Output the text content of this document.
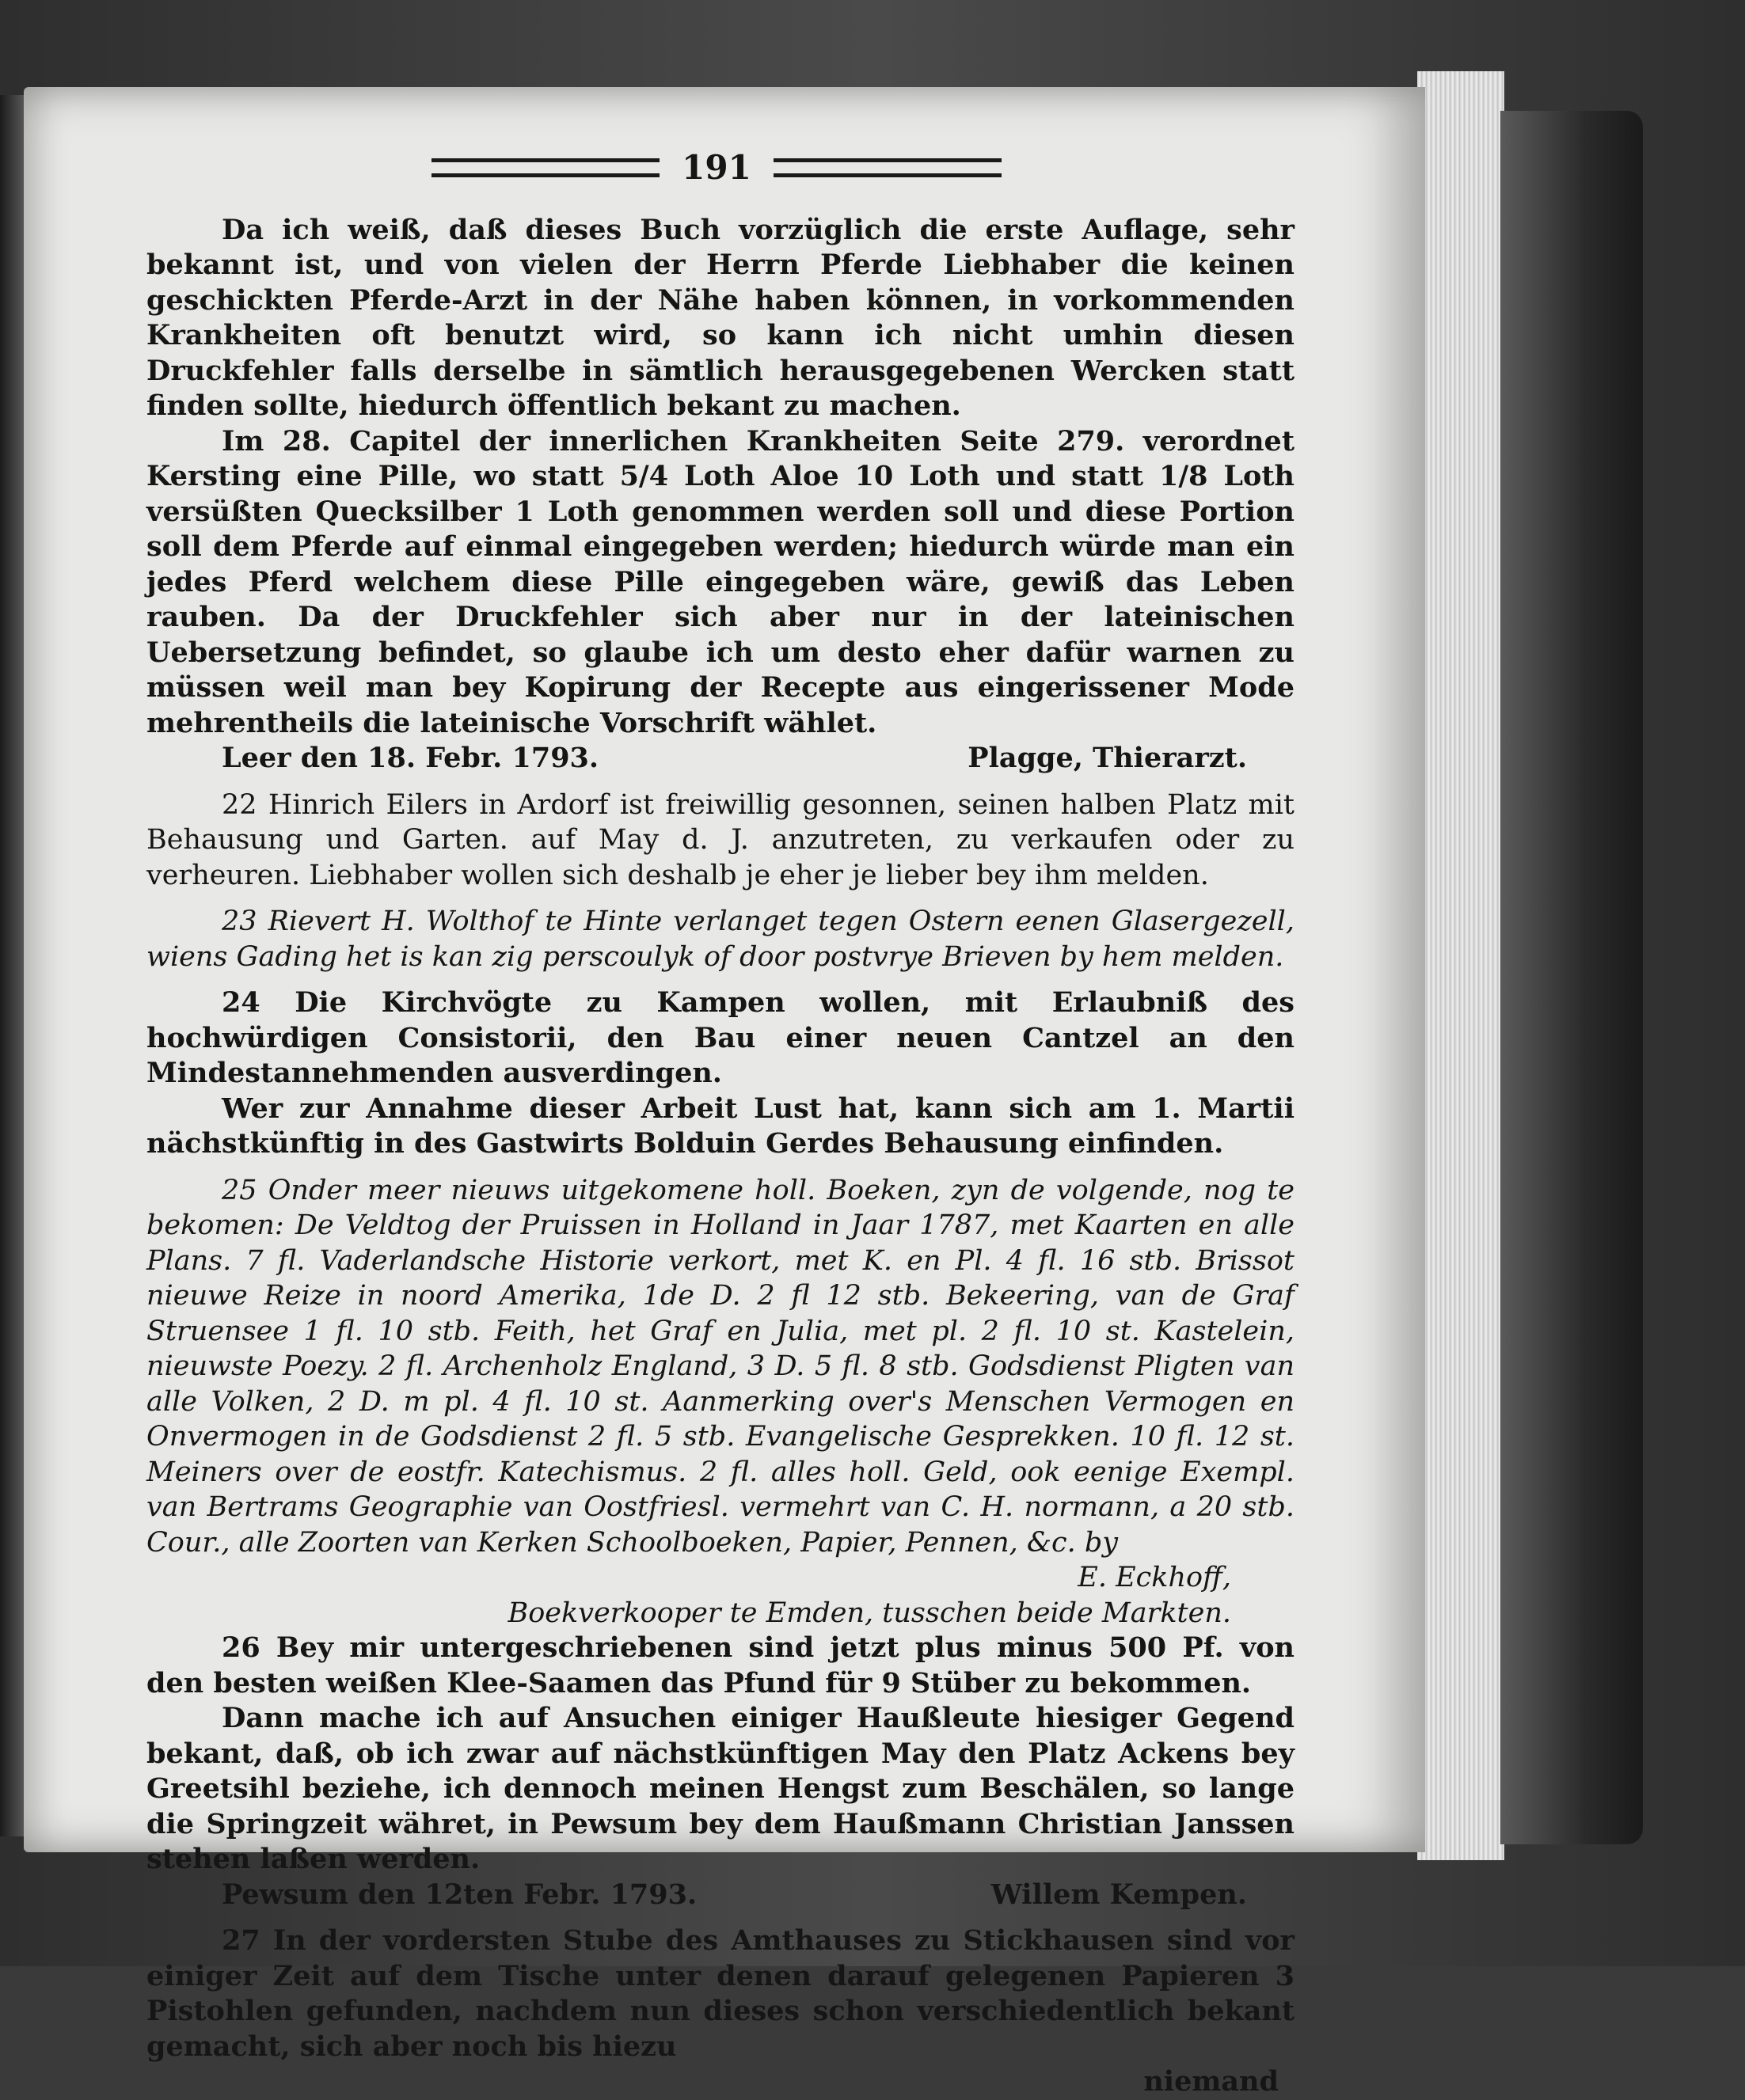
191

Da ich weiß, daß dieses Buch vorzüglich die erste Auflage, sehr bekannt ist, und von vielen der Herrn Pferde Liebhaber die keinen geschickten Pferde-Arzt in der Nähe haben können, in vorkommenden Krankheiten oft benutzt wird, so kann ich nicht umhin diesen Druckfehler falls derselbe in sämtlich herausgegebenen Wercken statt finden sollte, hiedurch öffentlich bekant zu machen.

Im 28. Capitel der innerlichen Krankheiten Seite 279. verordnet Kersting eine Pille, wo statt 5/4 Loth Aloe 10 Loth und statt 1/8 Loth versüßten Quecksilber 1 Loth genommen werden soll und diese Portion soll dem Pferde auf einmal eingegeben werden; hiedurch würde man ein jedes Pferd welchem diese Pille eingegeben wäre, gewiß das Leben rauben. Da der Druckfehler sich aber nur in der lateinischen Uebersetzung befindet, so glaube ich um desto eher dafür warnen zu müssen weil man bey Kopirung der Recepte aus eingerissener Mode mehrentheils die lateinische Vorschrift wählet.

Leer den 18. Febr. 1793.	Plagge, Thierarzt.

22 Hinrich Eilers in Ardorf ist freiwillig gesonnen, seinen halben Platz mit Behausung und Garten. auf May d. J. anzutreten, zu verkaufen oder zu verheuren. Liebhaber wollen sich deshalb je eher je lieber bey ihm melden.

23 Rievert H. Wolthof te Hinte verlanget tegen Ostern eenen Glasergezell, wiens Gading het is kan zig perscoulyk of door postvrye Brieven by hem melden.

24 Die Kirchvögte zu Kampen wollen, mit Erlaubniß des hochwürdigen Consistorii, den Bau einer neuen Cantzel an den Mindestannehmenden ausverdingen.

Wer zur Annahme dieser Arbeit Lust hat, kann sich am 1. Martii nächstkünftig in des Gastwirts Bolduin Gerdes Behausung einfinden.

25 Onder meer nieuws uitgekomene holl. Boeken, zyn de volgende, nog te bekomen: De Veldtog der Pruissen in Holland in Jaar 1787, met Kaarten en alle Plans. 7 fl. Vaderlandsche Historie verkort, met K. en Pl. 4 fl. 16 stb. Brissot nieuwe Reize in noord Amerika, 1de D. 2 fl 12 stb. Bekeering, van de Graf Struensee 1 fl. 10 stb. Feith, het Graf en Julia, met pl. 2 fl. 10 st. Kastelein, nieuwste Poezy. 2 fl. Archenholz England, 3 D. 5 fl. 8 stb. Godsdienst Pligten van alle Volken, 2 D. m pl. 4 fl. 10 st. Aanmerking over's Menschen Vermogen en Onvermogen in de Godsdienst 2 fl. 5 stb. Evangelische Gesprekken. 10 fl. 12 st. Meiners over de eostfr. Katechismus. 2 fl. alles holl. Geld, ook eenige Exempl. van Bertrams Geographie van Oostfriesl. vermehrt van C. H. normann, a 20 stb. Cour., alle Zoorten van Kerken Schoolboeken, Papier, Pennen, &c. by

E. Eckhoff,

Boekverkooper te Emden, tusschen beide Markten.

26 Bey mir untergeschriebenen sind jetzt plus minus 500 Pf. von den besten weißen Klee-Saamen das Pfund für 9 Stüber zu bekommen.

Dann mache ich auf Ansuchen einiger Haußleute hiesiger Gegend bekant, daß, ob ich zwar auf nächstkünftigen May den Platz Ackens bey Greetsihl beziehe, ich dennoch meinen Hengst zum Beschälen, so lange die Springzeit währet, in Pewsum bey dem Haußmann Christian Janssen stehen laßen werden.

Pewsum den 12ten Febr. 1793.	Willem Kempen.

27 In der vordersten Stube des Amthauses zu Stickhausen sind vor einiger Zeit auf dem Tische unter denen darauf gelegenen Papieren 3 Pistohlen gefunden, nachdem nun dieses schon verschiedentlich bekant gemacht, sich aber noch bis hiezu

niemand
